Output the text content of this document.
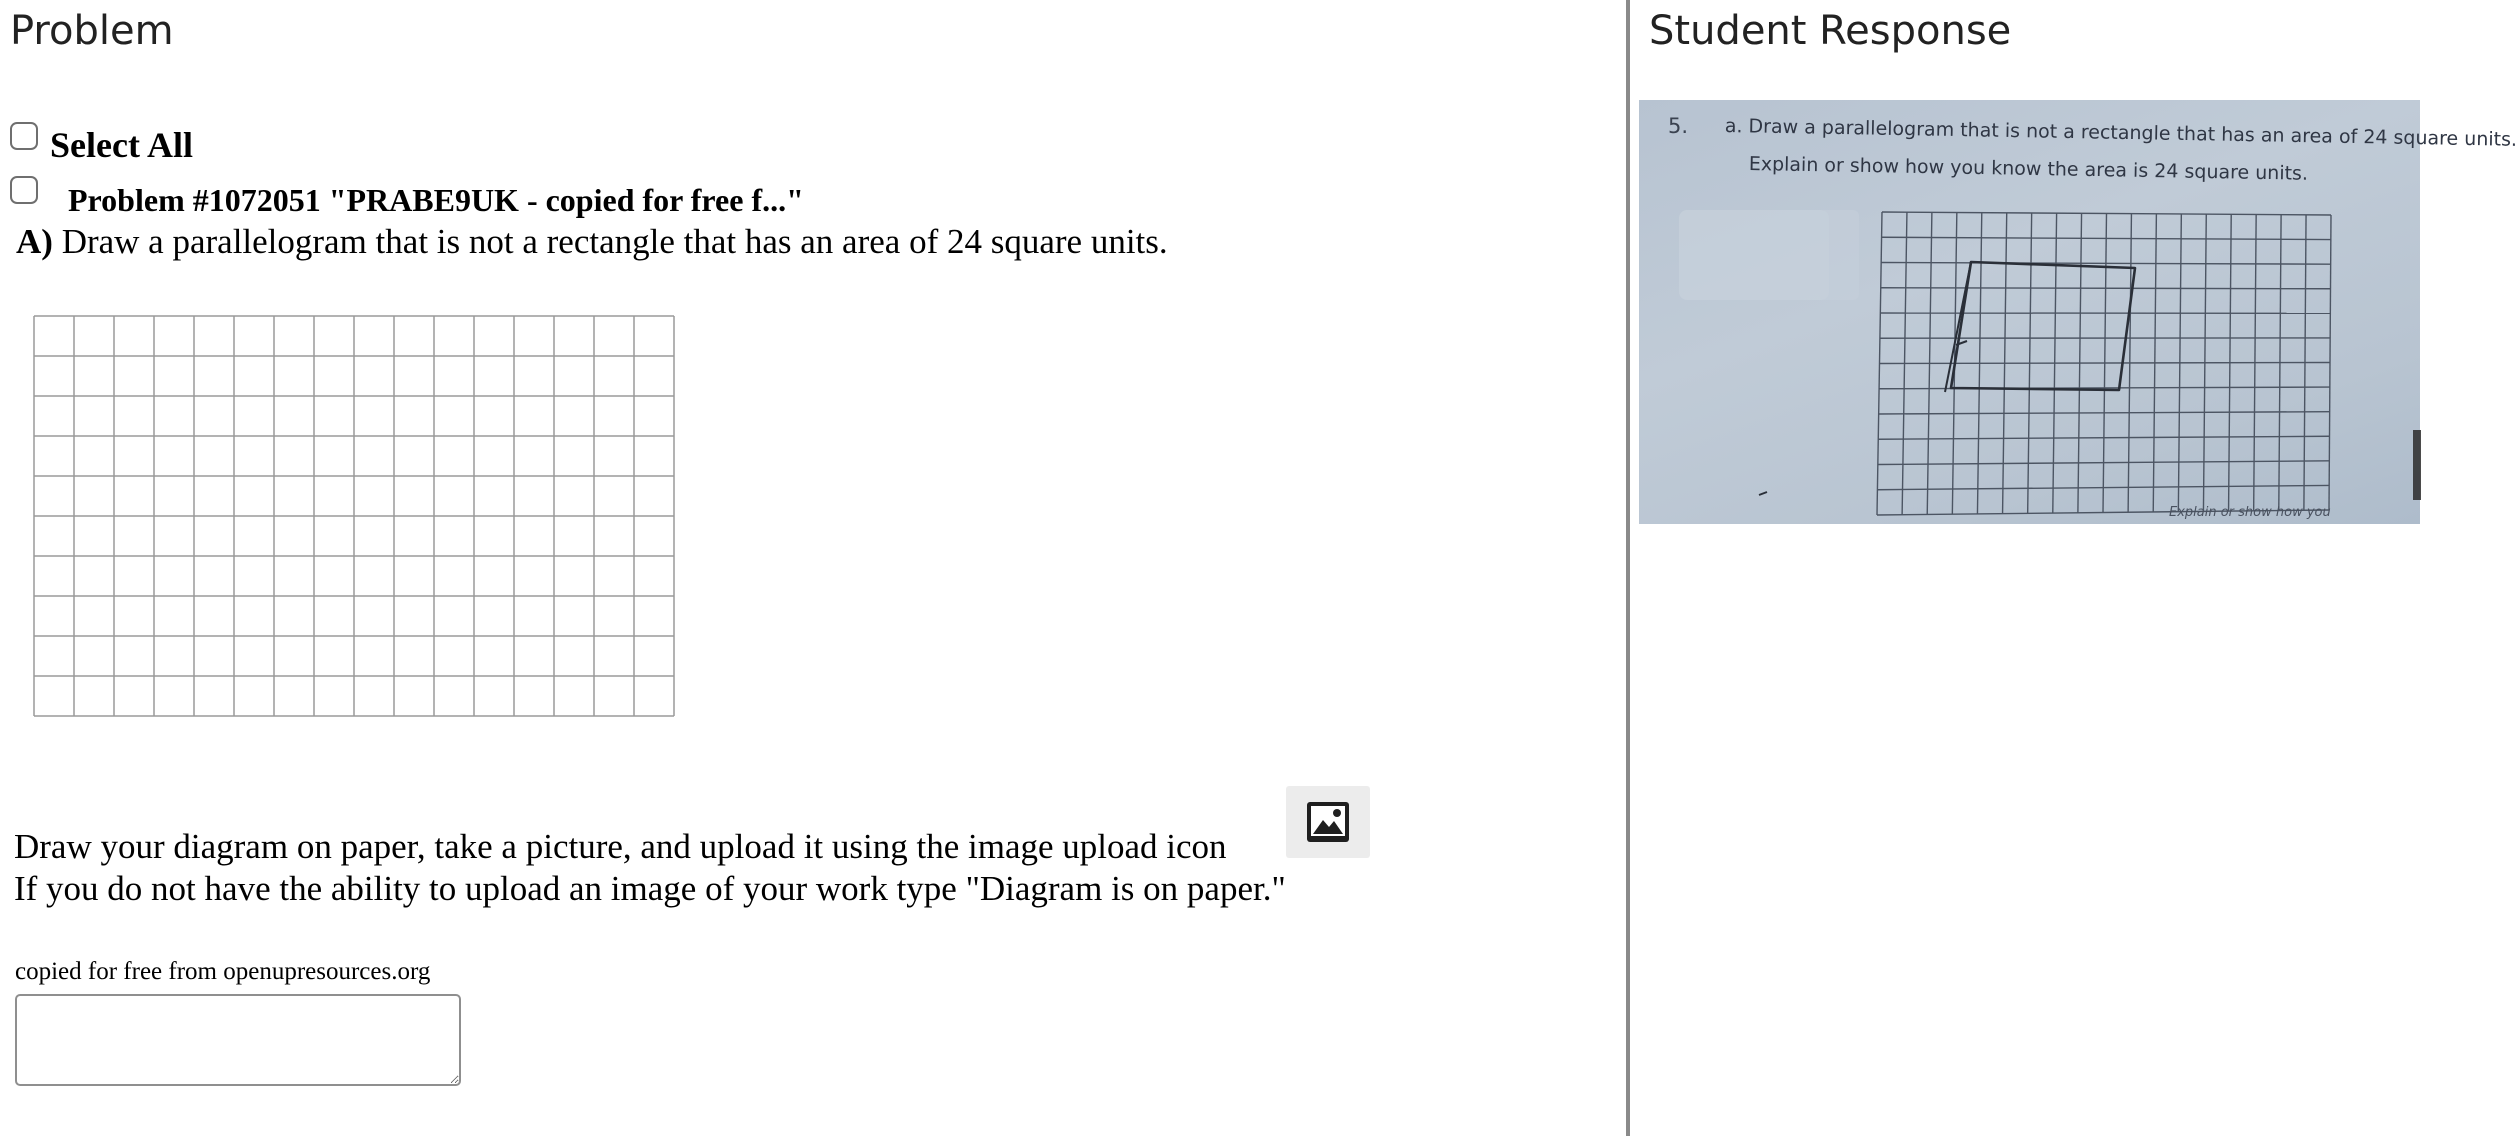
Problem
Select All
Problem #1072051 "PRABE9UK - copied for free f..."
A) Draw a parallelogram that is not a rectangle that has an area of 24 square units.
Draw your diagram on paper, take a picture, and upload it using the image upload icon
If you do not have the ability to upload an image of your work type "Diagram is on paper."
copied for free from openupresources.org
Student Response
5. a. Draw a parallelogram that is not a rectangle that has an area of 24 square units.
Explain or show how you know the area is 24 square units.
Explain or show how you
